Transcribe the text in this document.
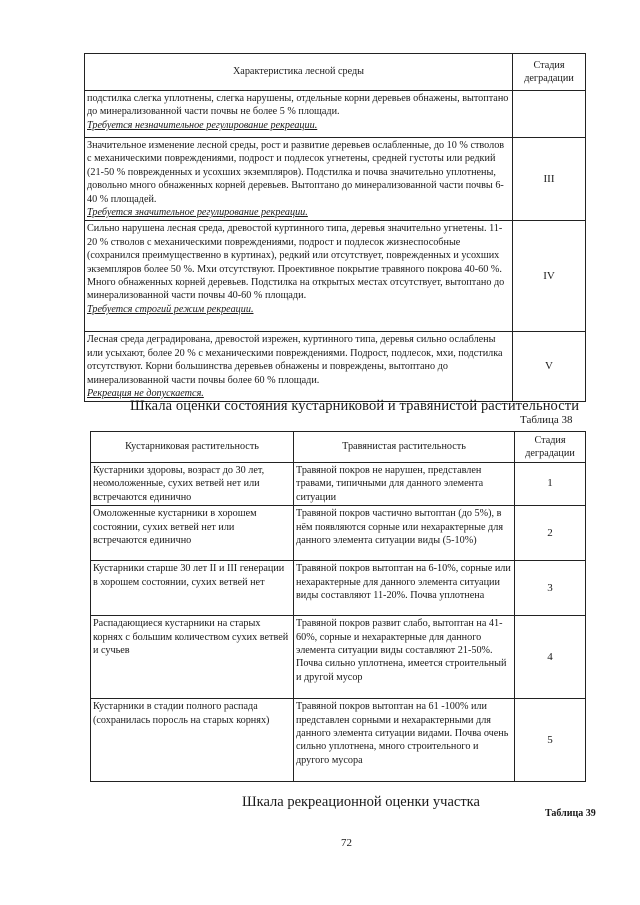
Характеристика лесной среды	Стадия деградации
подстилка слегка уплотнены, слегка нарушены, отдельные корни деревьев обнажены, вытоптано до минерализованной части почвы не более 5 % площади.
Требуется незначительное регулирование рекреации.	

Значительное изменение лесной среды, рост и развитие деревьев ослабленные, до 10 % стволов с механическими повреждениями, подрост и подлесок угнетены, средней густоты или редкий (21-50 % поврежденных и усохших экземпляров). Подстилка и почва значительно уплотнены, довольно много обнаженных корней деревьев. Вытоптано до минерализованной части почвы 6-40 % площадей.
Требуется значительное регулирование рекреации.	III
Сильно нарушена лесная среда, древостой куртинного типа, деревья значительно угнетены. 11-20 % стволов с механическими повреждениями, подрост и подлесок жизнеспособные (сохранился преимущественно в куртинах), редкий или отсутствует, поврежденных и усохших экземпляров более 50 %. Мхи отсутствуют. Проективное покрытие травяного покрова 40-60 %. Много обнаженных корней деревьев. Подстилка на открытых местах отсутствует, вытоптано до минерализованной части почвы 40-60 % площади.
Требуется строгий режим рекреации.	IV
Лесная среда деградирована, древостой изрежен, куртинного типа, деревья сильно ослаблены или усыхают, более 20 % с механическими повреждениями. Подрост, подлесок, мхи, подстилка отсутствуют. Корни большинства деревьев обнажены и повреждены, вытоптано до минерализованной части почвы более 60 % площади.
Рекреация не допускается.	V
Шкала оценки состояния кустарниковой и травянистой растительности
Таблица 38
Кустарниковая растительность	Травянистая растительность	Стадия деградации
Кустарники здоровы, возраст до 30 лет, неомоложенные, сухих ветвей нет или встречаются единично	Травяной покров не нарушен, представлен травами, типичными для данного элемента ситуации	1
Омоложенные кустарники в хорошем состоянии, сухих ветвей нет или встречаются единично	Травяной покров частично вытоптан (до 5%), в нём появляются сорные или нехарактерные для данного элемента ситуации виды (5-10%)	2
Кустарники старше 30 лет II и III генерации в хорошем состоянии, сухих ветвей нет	Травяной покров вытоптан на 6-10%, сорные или нехарактерные для данного элемента ситуации виды составляют 11-20%. Почва уплотнена	3
Распадающиеся кустарники на старых корнях с большим количеством сухих ветвей и сучьев	Травяной покров развит слабо, вытоптан на 41-60%, сорные и нехарактерные для данного элемента ситуации виды составляют 21-50%. Почва сильно уплотнена, имеется строительный и другой мусор	4
Кустарники в стадии полного распада (сохранилась поросль на старых корнях)	Травяной покров вытоптан на 61 -100% или представлен сорными и нехарактерными для данного элемента ситуации видами. Почва очень сильно уплотнена, много строительного и другого мусора	5
Шкала рекреационной оценки участка
Таблица 39
72
